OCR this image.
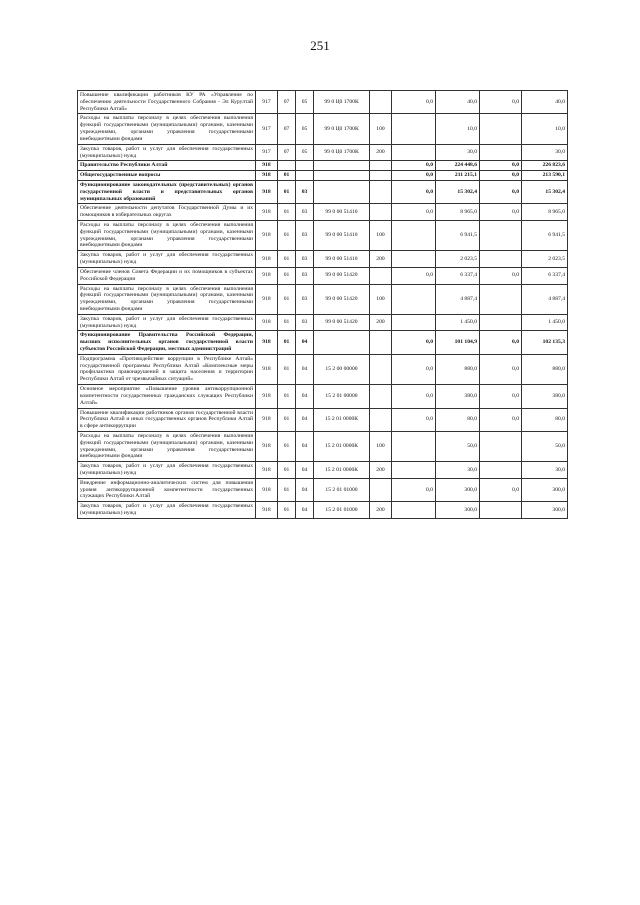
251
Повышение квалификации работников КУ РА «Управление по обеспечению деятельности Государственного Собрания - Эл Курултай Республики Алтай»	917	07	05	99 0 Ц0 1700К		0,0	40,0	0,0	40,0
Расходы на выплаты персоналу в целях обеспечения выполнения функций государственными (муниципальными) органами, казенными учреждениями, органами управления государственными внебюджетными фондами	917	07	05	99 0 Ц0 1700К	100		10,0		10,0
Закупка товаров, работ и услуг для обеспечения государственных (муниципальных) нужд	917	07	05	99 0 Ц0 1700К	200		30,0		30,0
Правительство Республики Алтай	918					0,0	224 448,6	0,0	226 823,6
Общегосударственные вопросы	918	01				0,0	211 215,1	0,0	213 590,1
Функционирование законодательных (представительных) органов государственной власти и представительных органов муниципальных образований	918	01	03			0,0	15 302,4	0,0	15 302,4
Обеспечение деятельности депутатов Государственной Думы и их помощников в избирательных округах	918	01	03	99 0 00 51410		0,0	8 965,0	0,0	8 965,0
Расходы на выплаты персоналу в целях обеспечения выполнения функций государственными (муниципальными) органами, казенными учреждениями, органами управления государственными внебюджетными фондами	918	01	03	99 0 00 51410	100		6 941,5		6 941,5
Закупка товаров, работ и услуг для обеспечения государственных (муниципальных) нужд	918	01	03	99 0 00 51410	200		2 023,5		2 023,5
Обеспечение членов Совета Федерации и их помощников в субъектах Российской Федерации	918	01	03	99 0 00 51420		0,0	6 337,4	0,0	6 337,4
Расходы на выплаты персоналу в целях обеспечения выполнения функций государственными (муниципальными) органами, казенными учреждениями, органами управления государственными внебюджетными фондами	918	01	03	99 0 00 51420	100		4 887,4		4 887,4
Закупка товаров, работ и услуг для обеспечения государственных (муниципальных) нужд	918	01	03	99 0 00 51420	200		1 450,0		1 450,0
Функционирование Правительства Российской Федерации, высших исполнительных органов государственной власти субъектов Российской Федерации, местных администраций	918	01	04			0,0	101 104,9	0,0	102 135,3
Подпрограмма «Противодействие коррупции в Республике Алтай» государственной программы Республики Алтай «Комплексные меры профилактики правонарушений и защита населения и территории Республики Алтай от чрезвычайных ситуаций»	918	01	04	15 2 00 00000		0,0	880,0	0,0	880,0
Основное мероприятие «Повышение уровня антикоррупционной компетентности государственных гражданских служащих Республики Алтай»	918	01	04	15 2 01 00000		0,0	380,0	0,0	380,0
Повышение квалификации работников органов государственной власти Республики Алтай и иных государственных органов Республики Алтай в сфере антикоррупции	918	01	04	15 2 01 0000К		0,0	80,0	0,0	80,0
Расходы на выплаты персоналу в целях обеспечения выполнения функций государственными (муниципальными) органами, казенными учреждениями, органами управления государственными внебюджетными фондами	918	01	04	15 2 01 0000К	100		50,0		50,0
Закупка товаров, работ и услуг для обеспечения государственных (муниципальных) нужд	918	01	04	15 2 01 0000К	200		30,0		30,0
Внедрение информационно-аналитических систем для повышения уровня антикоррупционной компетентности государственных служащих Республики Алтай	918	01	04	15 2 01 01000		0,0	300,0	0,0	300,0
Закупка товаров, работ и услуг для обеспечения государственных (муниципальных) нужд	918	01	04	15 2 01 01000	200		300,0		300,0
